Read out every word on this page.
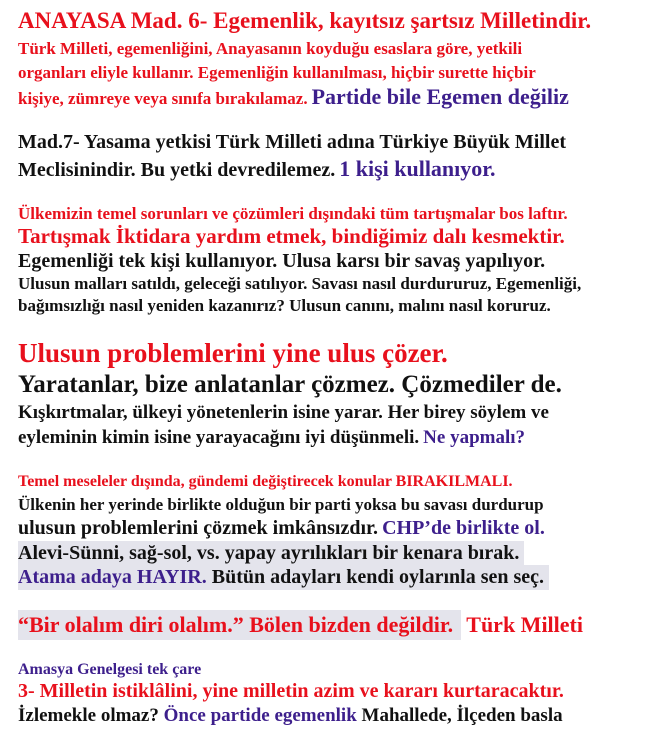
ANAYASA Mad. 6- Egemenlik, kayıtsız şartsız Milletindir.
Türk Milleti, egemenliğini, Anayasanın koyduğu esaslara göre, yetkili
organları eliyle kullanır. Egemenliğin kullanılması, hiçbir surette hiçbir
kişiye, zümreye veya sınıfa bırakılamaz. Partide bile Egemen değiliz
Mad.7- Yasama yetkisi Türk Milleti adına Türkiye Büyük Millet
Meclisinindir. Bu yetki devredilemez. 1 kişi kullanıyor.
Ülkemizin temel sorunları ve çözümleri dışındaki tüm tartışmalar bos laftır.
Tartışmak İktidara yardım etmek, bindiğimiz dalı kesmektir.
Egemenliği tek kişi kullanıyor. Ulusa karsı bir savaş yapılıyor.
Ulusun malları satıldı, geleceği satılıyor. Savası nasıl durdururuz, Egemenliği,
bağımsızlığı nasıl yeniden kazanırız? Ulusun canını, malını nasıl koruruz.
Ulusun problemlerini yine ulus çözer.
Yaratanlar, bize anlatanlar çözmez. Çözmediler de.
Kışkırtmalar, ülkeyi yönetenlerin isine yarar. Her birey söylem ve
eyleminin kimin isine yarayacağını iyi düşünmeli. Ne yapmalı?
Temel meseleler dışında, gündemi değiştirecek konular BIRAKILMALI.
Ülkenin her yerinde birlikte olduğun bir parti yoksa bu savası durdurup
ulusun problemlerini çözmek imkânsızdır. CHP’de birlikte ol.
Alevi-Sünni, sağ-sol, vs. yapay ayrılıkları bir kenara bırak.
Atama adaya HAYIR. Bütün adayları kendi oylarınla sen seç.
“Bir olalım diri olalım.” Bölen bizden değildir. Türk Milleti
Amasya Genelgesi tek çare
3- Milletin istiklâlini, yine milletin azim ve kararı kurtaracaktır.
İzlemekle olmaz? Önce partide egemenlik Mahallede, İlçeden basla
